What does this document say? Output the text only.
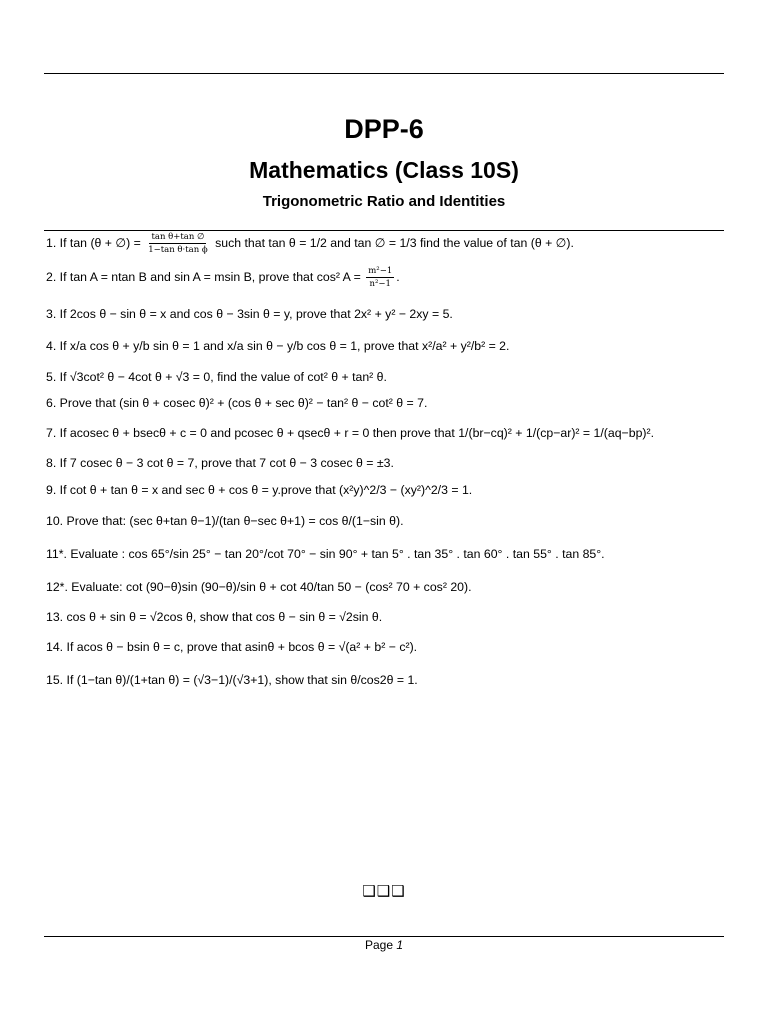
DPP-6
Mathematics (Class 10S)
Trigonometric Ratio and Identities
1. If tan (θ + ∅) = $\frac{\text{tan θ+tan ∅}}{\text{1−tan θ·tan ϕ}}$ such that tan θ = 1/2 and tan ∅ = 1/3 find the value of tan (θ + ∅).
2. If tan A = ntan B and sin A = msin B, prove that cos² $A = \frac{\text{m²−1}}{\text{n²−1}}$ .
3. If 2cos θ − sin θ = x and cos θ − 3sin θ = y, prove that 2x² + y² − 2xy = 5.
4. If x/a cos θ + y/b sin θ = 1 and x/a sin θ − y/b cos θ = 1, prove that x²/a² + y²/b² = 2.
5. If √3cot² θ − 4cot θ + √3 = 0, find the value of cot² θ + tan² θ.
6. Prove that (sin θ + cosec θ)² + (cos θ + sec θ)² − tan² θ − cot² θ = 7.
7. If acosec θ + bsecθ + c = 0 and pcosec θ + qsecθ + r = 0 then prove that 1/(br−cq)² + 1/(cp−ar)² = 1/(aq−bp)².
8. If 7 cosec θ − 3 cot θ = 7, prove that 7 cot θ − 3 cosec θ = ±3.
9. If cot θ + tan θ = x and sec θ + cos θ = y.prove that (x²y)^2/3 − (xy²)^2/3 = 1.
10. Prove that: (sec θ+tan θ−1)/(tan θ−sec θ+1) = cos θ/(1−sin θ).
11*. Evaluate : cos 65°/sin 25° − tan 20°/cot 70° − sin 90° + tan 5° . tan 35° . tan 60° . tan 55° . tan 85°.
12*. Evaluate: cot (90−θ)sin (90−θ)/sin θ + cot 40/tan 50 − (cos² 70 + cos² 20).
13. cos θ + sin θ = √2cos θ, show that cos θ − sin θ = √2sin θ.
14. If acos θ − bsin θ = c, prove that asinθ + bcos θ = √(a² + b² − c²).
15. If (1−tan θ)/(1+tan θ) = (√3−1)/(√3+1), show that sin θ/cos2θ = 1.
❑❑❑
Page 1
